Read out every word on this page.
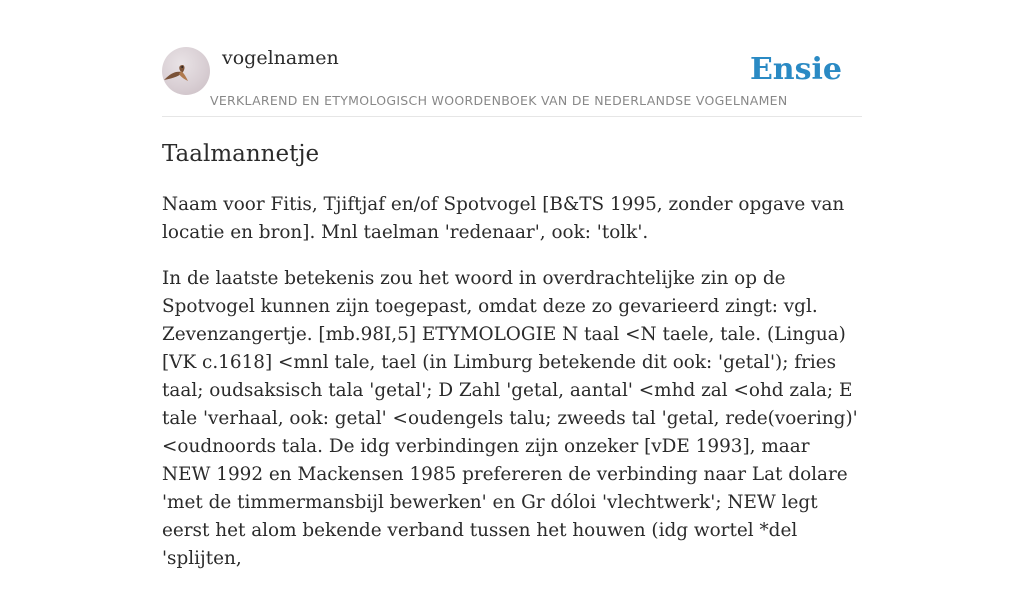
vogelnamen
VERKLAREND EN ETYMOLOGISCH WOORDENBOEK VAN DE NEDERLANDSE VOGELNAMEN
Ensie
Taalmannetje

Naam voor Fitis, Tjiftjaf en/of Spotvogel [B&TS 1995, zonder opgave van locatie en bron]. Mnl taelman 'redenaar', ook: 'tolk'.

In de laatste betekenis zou het woord in overdrachtelijke zin op de Spotvogel kunnen zijn toegepast, omdat deze zo gevarieerd zingt: vgl. Zevenzangertje. [mb.98I,5] ETYMOLOGIE N taal <N taele, tale. (Lingua) [VK c.1618] <mnl tale, tael (in Limburg betekende dit ook: 'getal'); fries taal; oudsaksisch tala 'getal'; D Zahl 'getal, aantal' <mhd zal <ohd zala; E tale 'verhaal, ook: getal' <oudengels talu; zweeds tal 'getal, rede(voering)' <oudnoords tala. De idg verbindingen zijn onzeker [vDE 1993], maar NEW 1992 en Mackensen 1985 prefereren de verbinding naar Lat dolare 'met de timmermansbijl bewerken' en Gr dóloi 'vlechtwerk'; NEW legt eerst het alom bekende verband tussen het houwen (idg wortel *del 'splijten,
